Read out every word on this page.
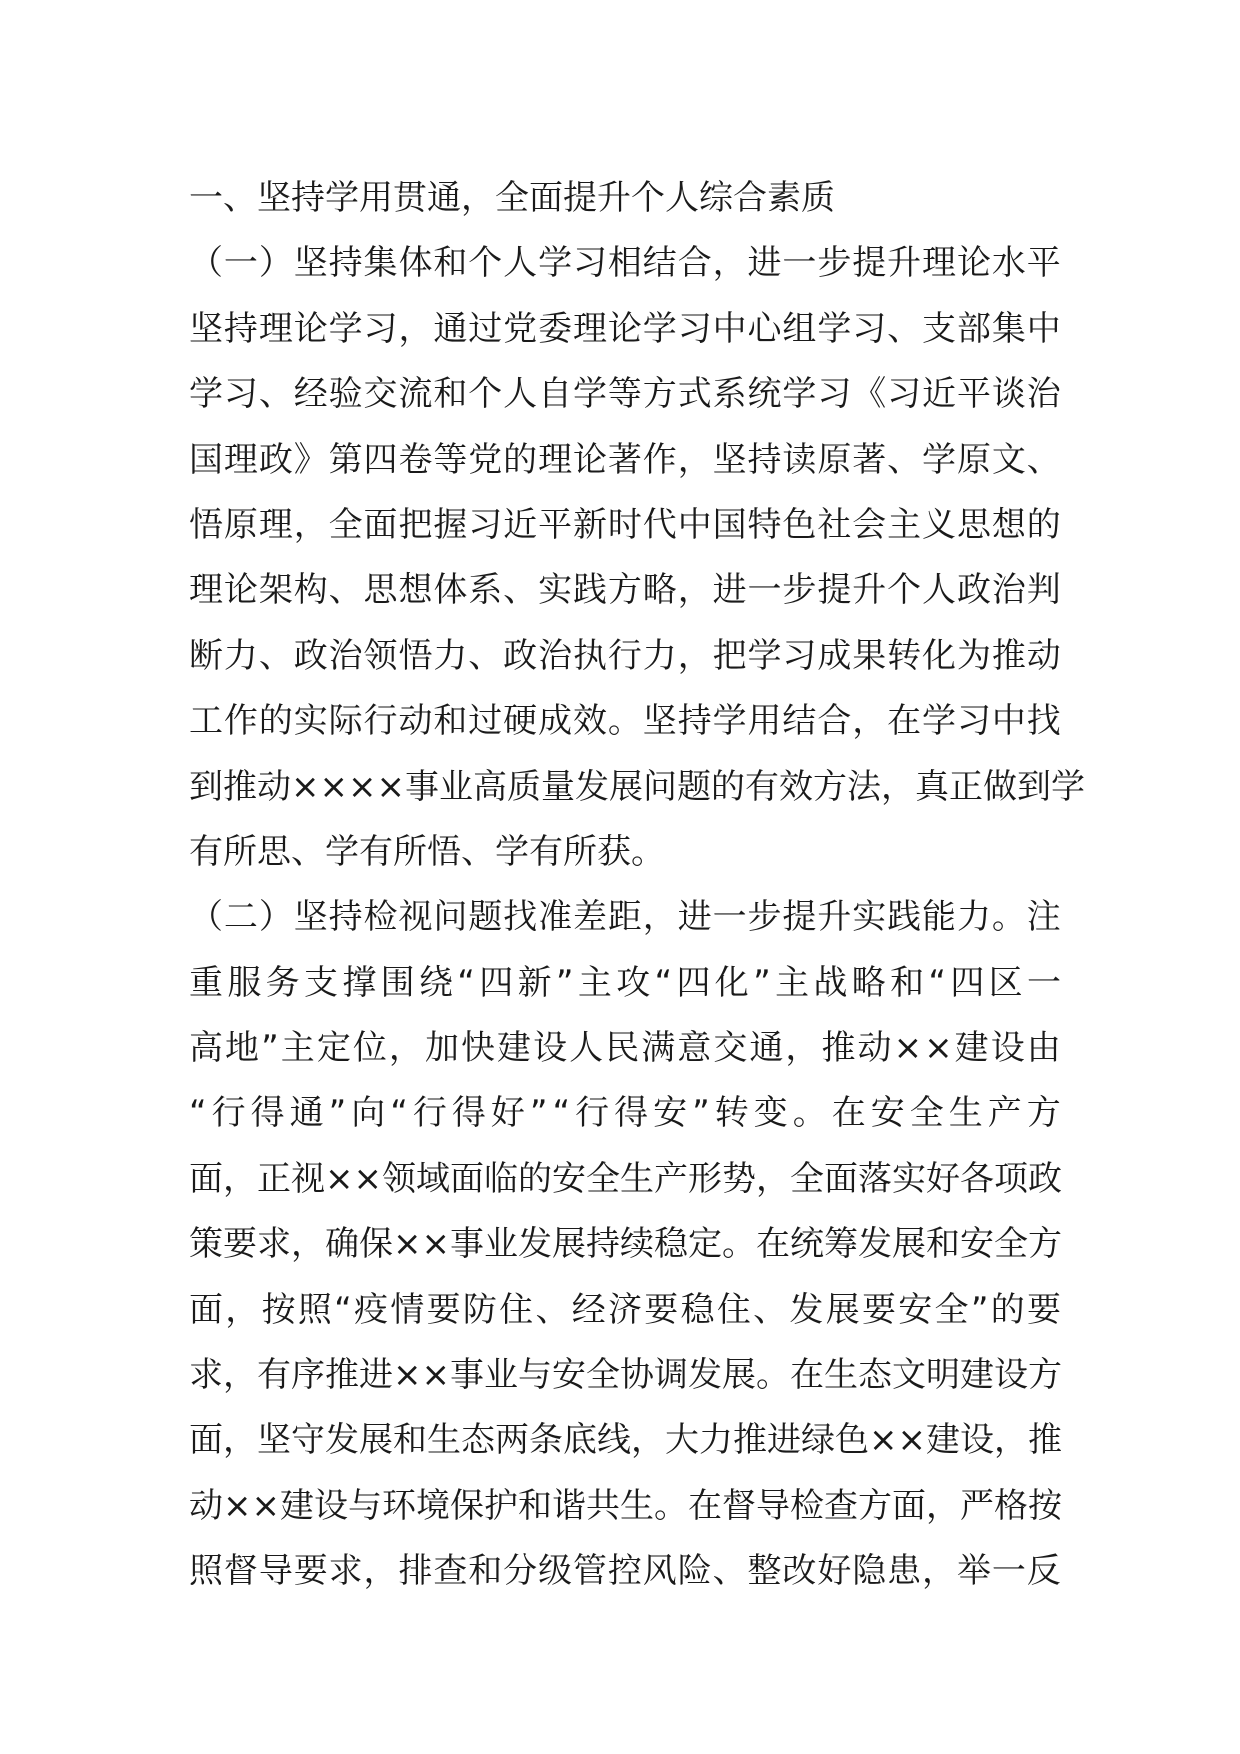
一、坚持学用贯通，全面提升个人综合素质
（ 一 ） 坚 持 集 体 和 个 人 学 习 相 结 合 ， 进 一 步 提 升 理 论 水 平
坚 持 理 论 学 习 ， 通 过 党 委 理 论 学 习 中 心 组 学 习 、 支 部 集 中
学 习 、 经 验 交 流 和 个 人 自 学 等 方 式 系 统 学 习 《 习 近 平 谈 治
国 理 政 》 第 四 卷 等 党 的 理 论 著 作 ， 坚 持 读 原 著 、 学 原 文 、
悟 原 理 ， 全 面 把 握 习 近 平 新 时 代 中 国 特 色 社 会 主 义 思 想 的
理 论 架 构 、 思 想 体 系 、 实 践 方 略 ， 进 一 步 提 升 个 人 政 治 判
断 力 、 政 治 领 悟 力 、 政 治 执 行 力 ， 把 学 习 成 果 转 化 为 推 动
工 作 的 实 际 行 动 和 过 硬 成 效 。 坚 持 学 用 结 合 ， 在 学 习 中 找
到 推 动 × × × × 事 业 高 质 量 发 展 问 题 的 有 效 方 法 ， 真 正 做 到 学
有所思、学有所悟、学有所获。
（ 二 ） 坚 持 检 视 问 题 找 准 差 距 ， 进 一 步 提 升 实 践 能 力 。 注
重 服 务 支 撑 围 绕 “ 四 新 ” 主 攻 “ 四 化 ” 主 战 略 和 “ 四 区 一
高 地 ” 主 定 位 ， 加 快 建 设 人 民 满 意 交 通 ， 推 动 × × 建 设 由
“ 行 得 通 ” 向 “ 行 得 好 ” “ 行 得 安 ” 转 变 。 在 安 全 生 产 方
面 ， 正 视 × × 领 域 面 临 的 安 全 生 产 形 势 ， 全 面 落 实 好 各 项 政
策 要 求 ， 确 保 × × 事 业 发 展 持 续 稳 定 。 在 统 筹 发 展 和 安 全 方
面 ， 按 照 “ 疫 情 要 防 住 、 经 济 要 稳 住 、 发 展 要 安 全 ” 的 要
求 ， 有 序 推 进 × × 事 业 与 安 全 协 调 发 展 。 在 生 态 文 明 建 设 方
面 ， 坚 守 发 展 和 生 态 两 条 底 线 ， 大 力 推 进 绿 色 × × 建 设 ， 推
动 × × 建 设 与 环 境 保 护 和 谐 共 生 。 在 督 导 检 查 方 面 ， 严 格 按
照 督 导 要 求 ， 排 查 和 分 级 管 控 风 险 、 整 改 好 隐 患 ， 举 一 反
